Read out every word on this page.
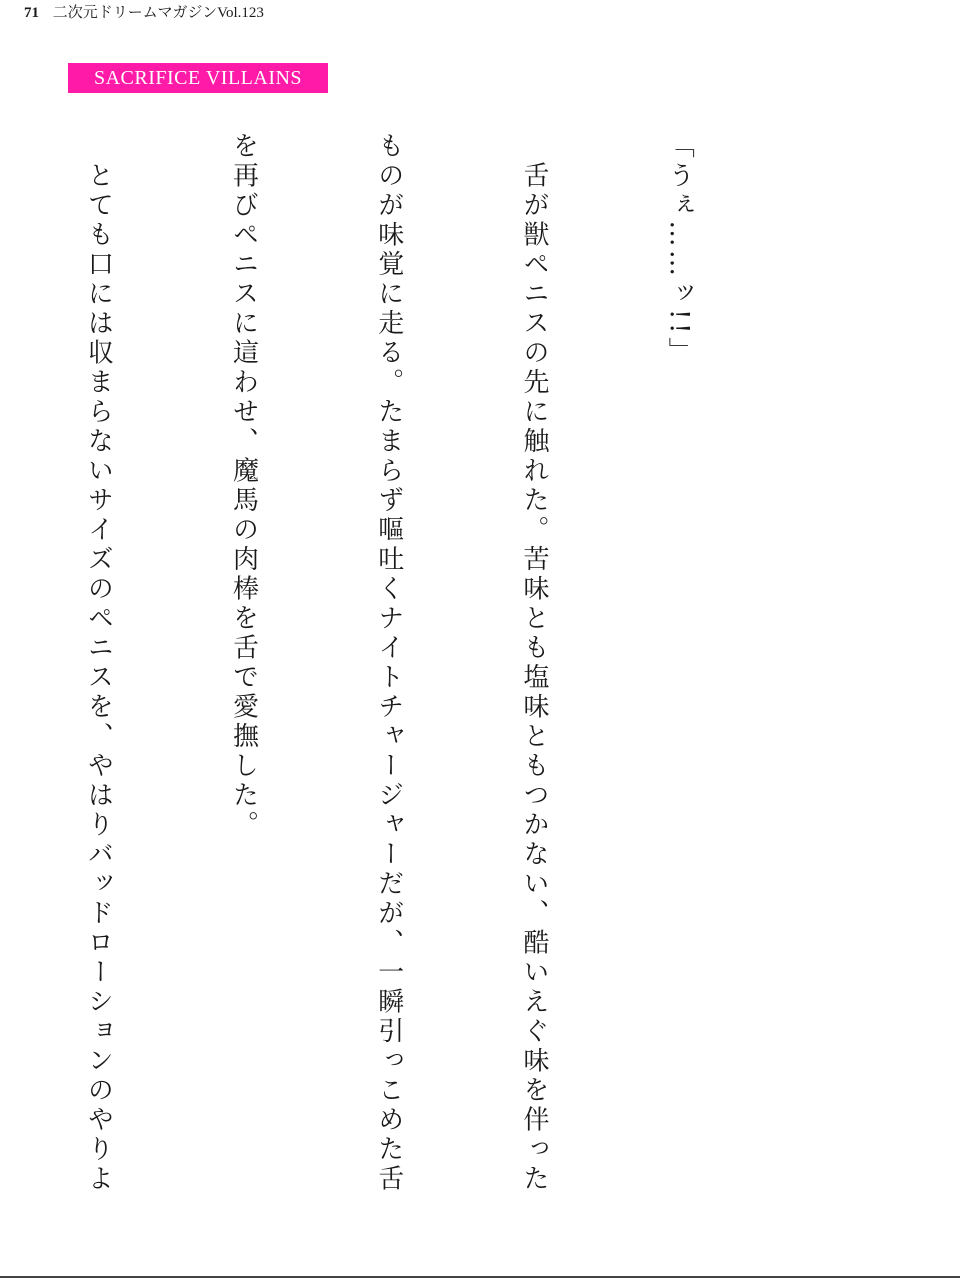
71 二次元ドリームマガジンVol.123
SACRIFICE VILLAINS

「うぇ……ッ!!」

　舌が獣ペニスの先に触れた。苦味とも塩味ともつかない、酷いえぐ味を伴った

ものが味覚に走る。たまらず嘔吐くナイトチャージャーだが、一瞬引っこめた舌

を再びペニスに這わせ、魔馬の肉棒を舌で愛撫した。

　とても口には収まらないサイズのペニスを、やはりバッドローションのやりよ
